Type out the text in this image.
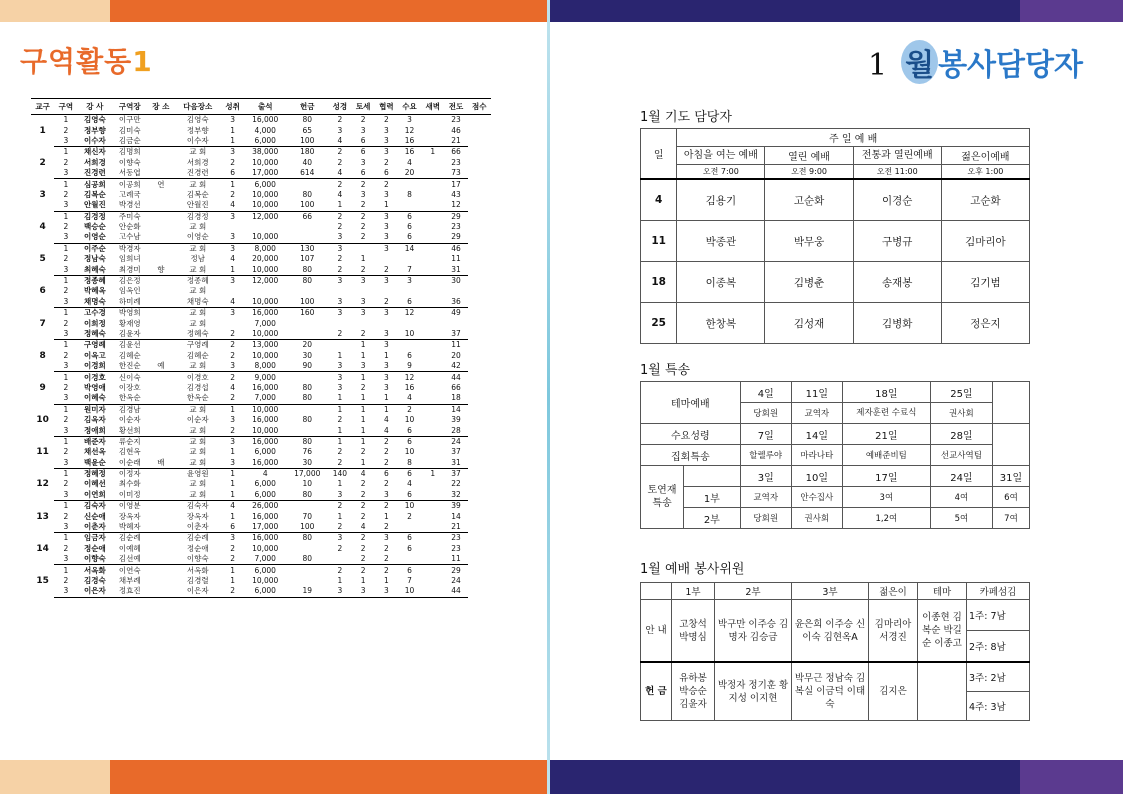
구역활동1	1 월 봉사담당자
교구	구역	강 사	구역장	장 소	다음장소	성취	출석	헌금	성경	토세	협력	수요	새벽	전도	점수
1	1	김영숙	이구만		김영숙	3	16,000	80	2	2	2	3		23	
	2	정부향	김미숙		정부향	1	4,000	65	3	3	3	12		46	
	3	이수자	김금순		이수자	1	6,000	100	4	6	3	16		21	
2	1	채신자	김명희		교 회	3	38,000	180	2	6	3	16	1	66	
	2	서희경	이향숙		서희경	2	10,000	40	2	3	2	4		23	
	3	진경련	서동엽		진경련	6	17,000	614	4	6	6	20		73	
3	1	심공희	이공희	연	교 회	1	6,000		2	2	2			17	
	2	김복순	고례국		김복순	2	10,000	80	4	3	3	8		43	
	3	안월진	박경선		안월진	4	10,000	100	1	2	1			12	
4	1	김경정	주미숙		김경정	3	12,000	66	2	2	3	6		29	
	2	백승순	안순화		교 회				2	2	3	6		23	
	3	이영순	고수남		이영순	3	10,000		3	2	3	6		29	
5	1	이주순	박경자		교 회	3	8,000	130	3		3	14		46	
	2	정남숙	임희녀		정남	4	20,000	107	2	1				11	
	3	최혜숙	최경미	향	교 회	1	10,000	80	2	2	2	7		31	
6	1	정종혜	김은정		정종혜	3	12,000	80	3	3	3	3		30	
	2	박혜옥	임옥인		교 회										
	3	채명숙	하미례		채명숙	4	10,000	100	3	3	2	6		36	
7	1	고수경	박영희		교 회	3	16,000	160	3	3	3	12		49	
	2	이희정	황재영		교 회		7,000								
	3	정혜숙	김윤자		정혜숙	2	10,000		2	2	3	10		37	
8	1	구영례	김윤선		구영례	2	13,000	20		1	3			11	
	2	이옥고	김혜순		김혜순	2	10,000	30	1	1	1	6		20	
	3	이경희	한진순	예	교 회	3	8,000	90	3	3	3	9		42	
9	1	이경호	신이숙		이경호	2	9,000		3	1	3	12		44	
	2	박영애	이장호		김경섭	4	16,000	80	3	2	3	16		66	
	3	이혜숙	한옥순		한옥순	2	7,000	80	1	1	1	4		18	
10	1	원미자	김경남		교 회	1	10,000		1	1	1	2		14	
	2	김옥자	이순자		이순자	3	16,000	80	2	1	4	10		39	
	3	정애희	황선희		교 회	2	10,000		1	1	4	6		28	
11	1	배준자	류순지		교 회	3	16,000	80	1	1	2	6		24	
	2	채선옥	김현옥		교 회	1	6,000	76	2	2	2	10		37	
	3	백윤순	이순래	배	교 회	3	16,000	30	2	1	2	8		31	
12	1	정혜정	이정자		윤영원	1	4	17,000	140	4	6	6	1	37	
	2	이혜선	최수화		교 회	1	6,000	10	1	2	2	4		22	
	3	이연희	이미정		교 회	1	6,000	80	3	2	3	6		32	
13	1	김숙자	이영분		김숙자	4	26,000		2	2	2	10		39	
	2	신순애	장옥자		장옥자	1	16,000	70	1	2	1	2		14	
	3	이춘자	박혜자		이춘자	6	17,000	100	2	4	2			21	
14	1	임금자	김순례		김순례	3	16,000	80	3	2	3	6		23	
	2	정순애	이예혜		정순애	2	10,000		2	2	2	6		23	
	3	이향숙	김선예		이향숙	2	7,000	80		2	2			11	
15	1	서옥화	이연숙		서옥화	1	6,000		2	2	2	6		29	
	2	김경숙	채부례		김경렬	1	10,000		1	1	1	7		24	
	3	이은자	정효진		이은자	2	6,000	19	3	3	3	10		44	
1월 기도 담당자
일	주 일 예 배			
	아침을 여는 예배	열린 예배	전통과 열린예배	젊은이예배
	오전 7:00	오전 9:00	오전 11:00	오후 1:00
4	김용기	고순화	이경순	고순화
11	박종관	박무웅	구병규	김마리아
18	이종복	김병춘	송재봉	김기범
25	한창복	김성재	김병화	정은지
1월 특송
테마예배		4일	11일	18일	25일	
		당회원	교역자	제자훈련 수료식	권사회	
수요성령		7일	14일	21일	28일	
집회특송		할렐루야	마라나타	예배준비팀	선교사역팀	
토연재
특송		3일	10일	17일	24일	31일
	1부	교역자	안수집사	3여	4여	6여
	2부	당회원	권사회	1,2여	5여	7여
1월 예배 봉사위원
	1부	2부	3부	젊은이	테마	카페섬김
안 내	고창석 박명심	박구만 이주승 김명자 김승금	윤은희 이주승 신이숙 김현옥A	김마리아 서경진	이종현 김복순 박길순 이종고	1주: 7남
						2주: 8남
헌 금	유하봉 박승순 김윤자	박정자 정기훈 황지성 이지현	박무근 정남숙 김복실 이금덕 이태숙	김지은		3주: 2남
						4주: 3남
